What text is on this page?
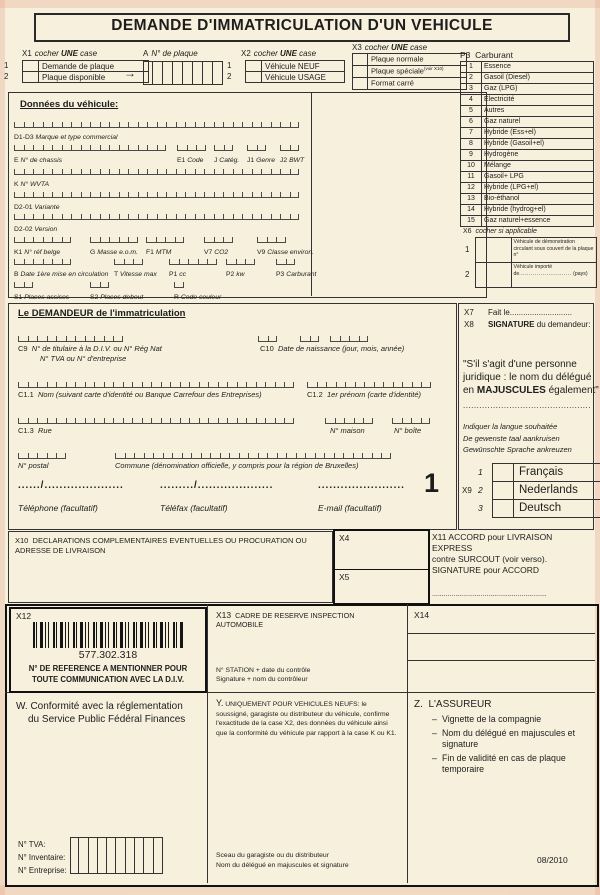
DEMANDE D'IMMATRICULATION D'UN VEHICULE
X1 cocher UNE case
1	Demande de plaque
2	Plaque disponible	→
A N° de plaque	X2 cocher UNE case
1	Véhicule NEUF
2	Véhicule USAGE
X3 cocher UNE case
Plaque normale
Plaque spéciale$^{(voir X10)}$
Format carré
P3 Carburant
1	Essence
2	Gasoil (Diesel)
3	Gaz (LPG)
4	Électricité
5	Autres
6	Gaz naturel
7	Hybride (Ess+el)
8	Hybride (Gasoil+el)
9	Hydrogène
10	Mélange
11	Gasoil+ LPG
12	Hybride (LPG+el)
13	Bio-éthanol
14	Hybride (hydrog+el)
15	Gaz naturel+essence
X6 cocher si applicable
1
Véhicule de démonstration circulant sous couvert de la plaque n°
2
Véhicule importé de........................... (pays)
Données du véhicule:
D1-D3 Marque et type commercial
E N° de chassis	E1 Code J Catég. J1 Genre J2 BWT
K N° WVTA
D2-01 Variante
D2-02 Version
K1 N° réf belge	G Masse e.o.m. F1 MTM	V7 CO2	V9 Classe environ.
B Date 1ère mise en circulation T Vitesse max P1 cc	P2 kw	P3 Carburant
S1 Places assises	S2 Places debout	R Code couleur
Le DEMANDEUR de l'immatriculation
C9 N° de titulaire à la D.I.V. ou N° Rég Nat
N° TVA ou N° d'entreprise
C10 Date de naissance (jour, mois, année)
C1.1 Nom (suivant carte d'identité ou Banque Carrefour des Entreprises)	C1.2 1er prénom (carte d'identité)
C1.3 Rue	N° maison	N° boîte
N° postal	Commune (dénomination officielle, y compris pour la région de Bruxelles)
....../.....................	........./....................	....................... 1
Téléphone (facultatif)	Téléfax (facultatif)	E-mail (facultatif)
X7 Fait le............................
X8 SIGNATURE du demandeur:
"S'il s'agit d'une personne
juridique : le nom du délégué
en MAJUSCULES également"
...............................................
Indiquer la langue souhaitée
De gewenste taal aankruisen
Gewünschte Sprache ankreuzen
X9
1	Français
2	Nederlands
3	Deutsch
X10 DECLARATIONS COMPLEMENTAIRES EVENTUELLES OU PROCURATION OU ADRESSE DE LIVRAISON
X4
X5
X11 ACCORD pour LIVRAISON EXPRESS
contre SURCOUT (voir verso).
SIGNATURE pour ACCORD
...........................................................
X12
577.302.318
N° DE REFERENCE A MENTIONNER POUR
TOUTE COMMUNICATION AVEC LA D.I.V.
X13 CADRE DE RESERVE INSPECTION AUTOMOBILE
N° STATION + date du contrôle
Signature + nom du contrôleur
X14
W. Conformité avec la réglementation
du Service Public Fédéral Finances
N° TVA:
N° Inventaire:
N° Entreprise:
Y. UNIQUEMENT POUR VEHICULES NEUFS: le soussigné, garagiste ou distributeur du véhicule, confirme l'exactitude de la case X2, des données du véhicule ainsi que la conformité du véhicule par rapport à la case K ou K1.
Sceau du garagiste ou du distributeur
Nom du délégué en majuscules et signature
Z. L'ASSUREUR
– Vignette de la compagnie
– Nom du délégué en majuscules et signature
– Fin de validité en cas de plaque temporaire
08/2010
